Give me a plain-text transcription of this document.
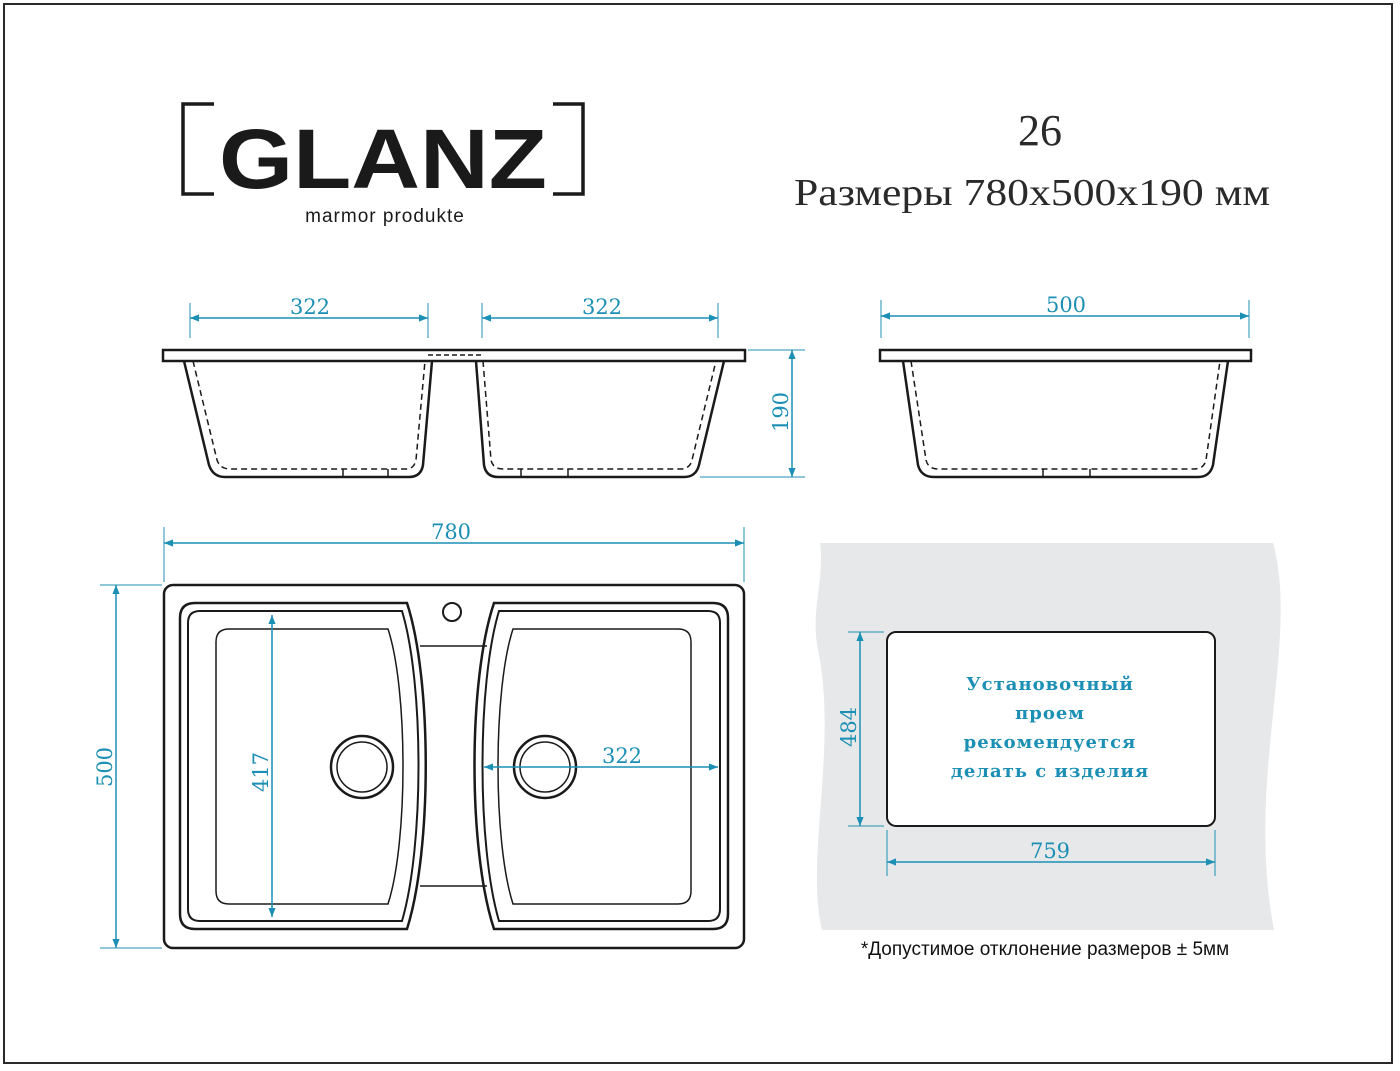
GLANZ
marmor produkte
26
Размеры 780х500х190 мм
322	322
190
500
780
500	417	322
Установочный
проем
рекомендуется
делать с изделия
484
759
*Допустимое отклонение размеров ± 5мм
